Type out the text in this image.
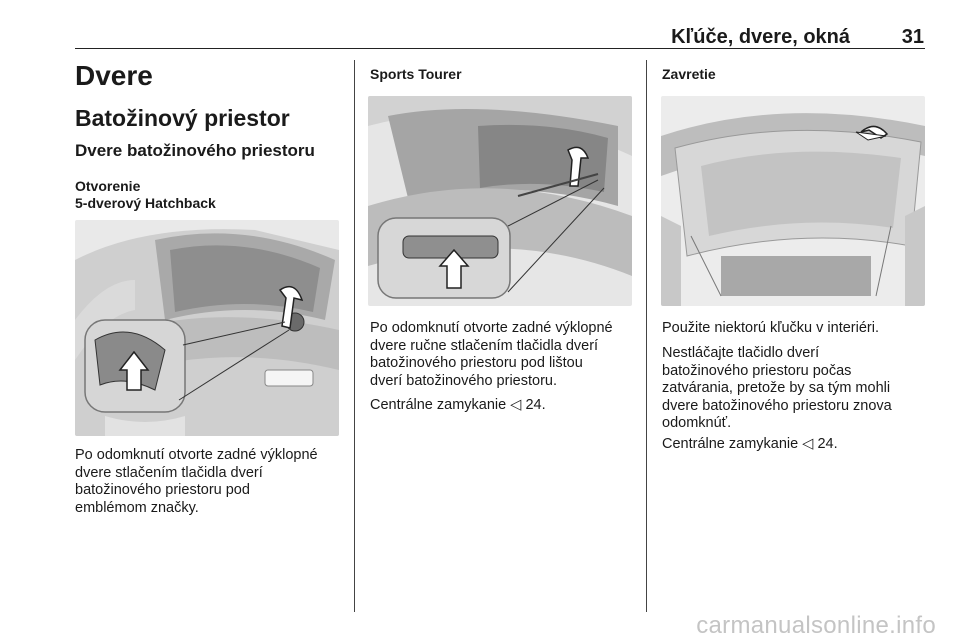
Kľúče, dvere, okná	31
Dvere
Batožinový priestor
Dvere batožinového priestoru
Otvorenie
5-dverový Hatchback
Po odomknutí otvorte zadné výklopné
dvere stlačením tlačidla dverí
batožinového priestoru pod
emblémom značky.
Sports Tourer
Po odomknutí otvorte zadné výklopné
dvere ručne stlačením tlačidla dverí
batožinového priestoru pod lištou
dverí batožinového priestoru.
Centrálne zamykanie ◁ 24.
Zavretie
Použite niektorú kľučku v interiéri.
Nestláčajte tlačidlo dverí
batožinového priestoru počas
zatvárania, pretože by sa tým mohli
dvere batožinového priestoru znova
odomknúť.
Centrálne zamykanie ◁ 24.
carmanualsonline.info
